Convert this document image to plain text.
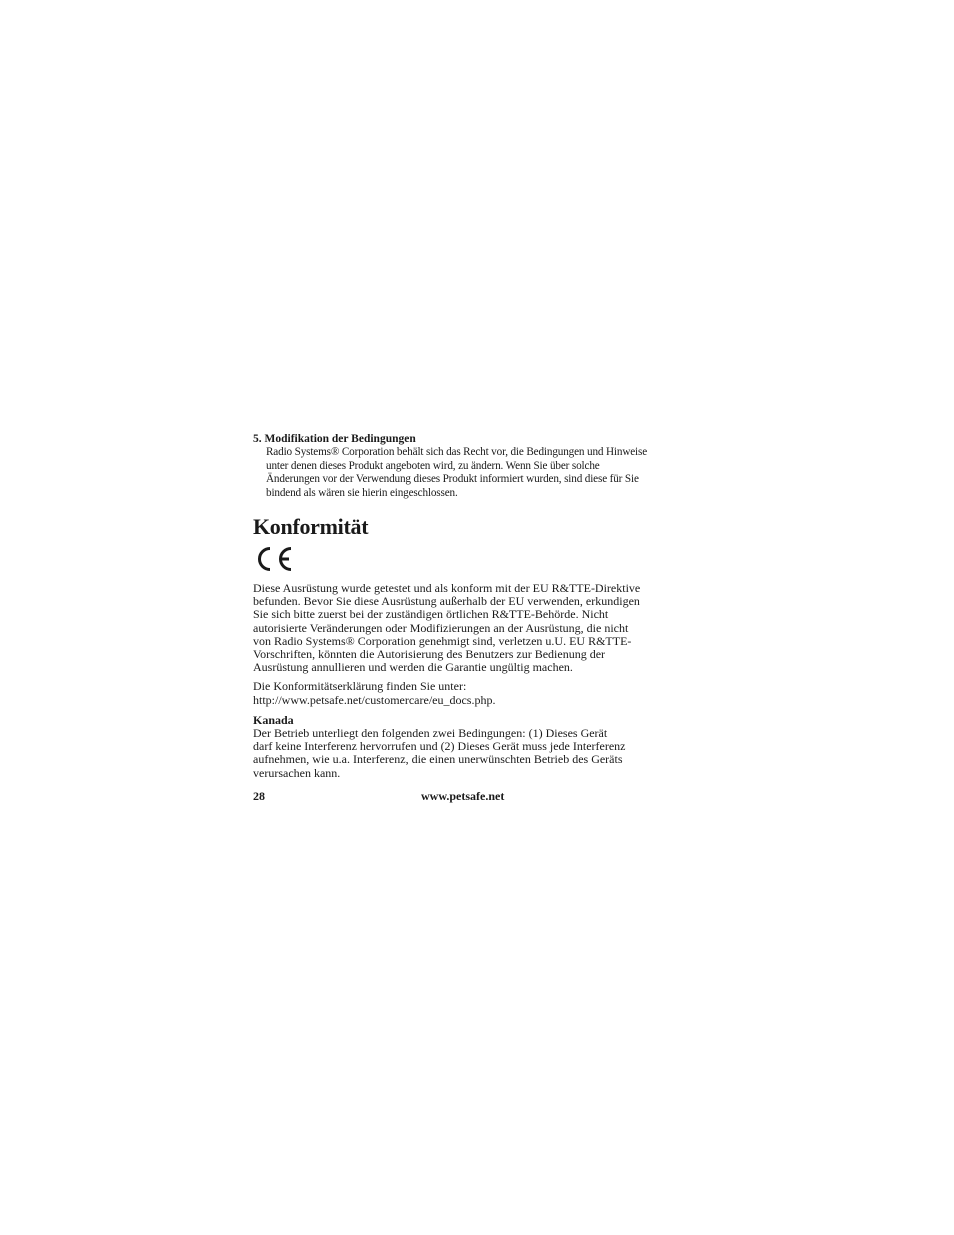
5. Modifikation der Bedingungen

Radio Systems® Corporation behält sich das Recht vor, die Bedingungen und Hinweise
unter denen dieses Produkt angeboten wird, zu ändern. Wenn Sie über solche
Änderungen vor der Verwendung dieses Produkt informiert wurden, sind diese für Sie
bindend als wären sie hierin eingeschlossen.

Konformität

Diese Ausrüstung wurde getestet und als konform mit der EU R&TTE-Direktive
befunden. Bevor Sie diese Ausrüstung außerhalb der EU verwenden, erkundigen
Sie sich bitte zuerst bei der zuständigen örtlichen R&TTE-Behörde. Nicht
autorisierte Veränderungen oder Modifizierungen an der Ausrüstung, die nicht
von Radio Systems® Corporation genehmigt sind, verletzen u.U. EU R&TTE-
Vorschriften, könnten die Autorisierung des Benutzers zur Bedienung der
Ausrüstung annullieren und werden die Garantie ungültig machen.

Die Konformitätserklärung finden Sie unter:
http://www.petsafe.net/customercare/eu_docs.php.

Kanada

Der Betrieb unterliegt den folgenden zwei Bedingungen: (1) Dieses Gerät
darf keine Interferenz hervorrufen und (2) Dieses Gerät muss jede Interferenz
aufnehmen, wie u.a. Interferenz, die einen unerwünschten Betrieb des Geräts
verursachen kann.

28	www.petsafe.net
